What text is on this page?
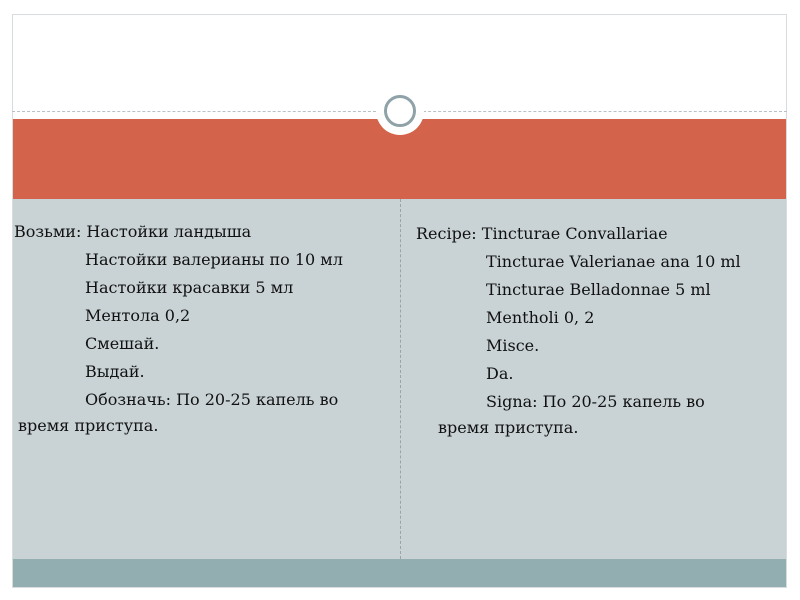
Возьми: Настойки ландыша
Настойки валерианы по 10 мл
Настойки красавки 5 мл
Ментола 0,2
Смешай.
Выдай.
Обозначь: По 20-25 капель во
время приступа.
Recipe: Tincturae Convallariae
Tincturae Valerianae ana 10 ml
Tincturae Belladonnae 5 ml
Mentholi 0, 2
Misce.
Da.
Signa: По 20-25 капель во
время приступа.
